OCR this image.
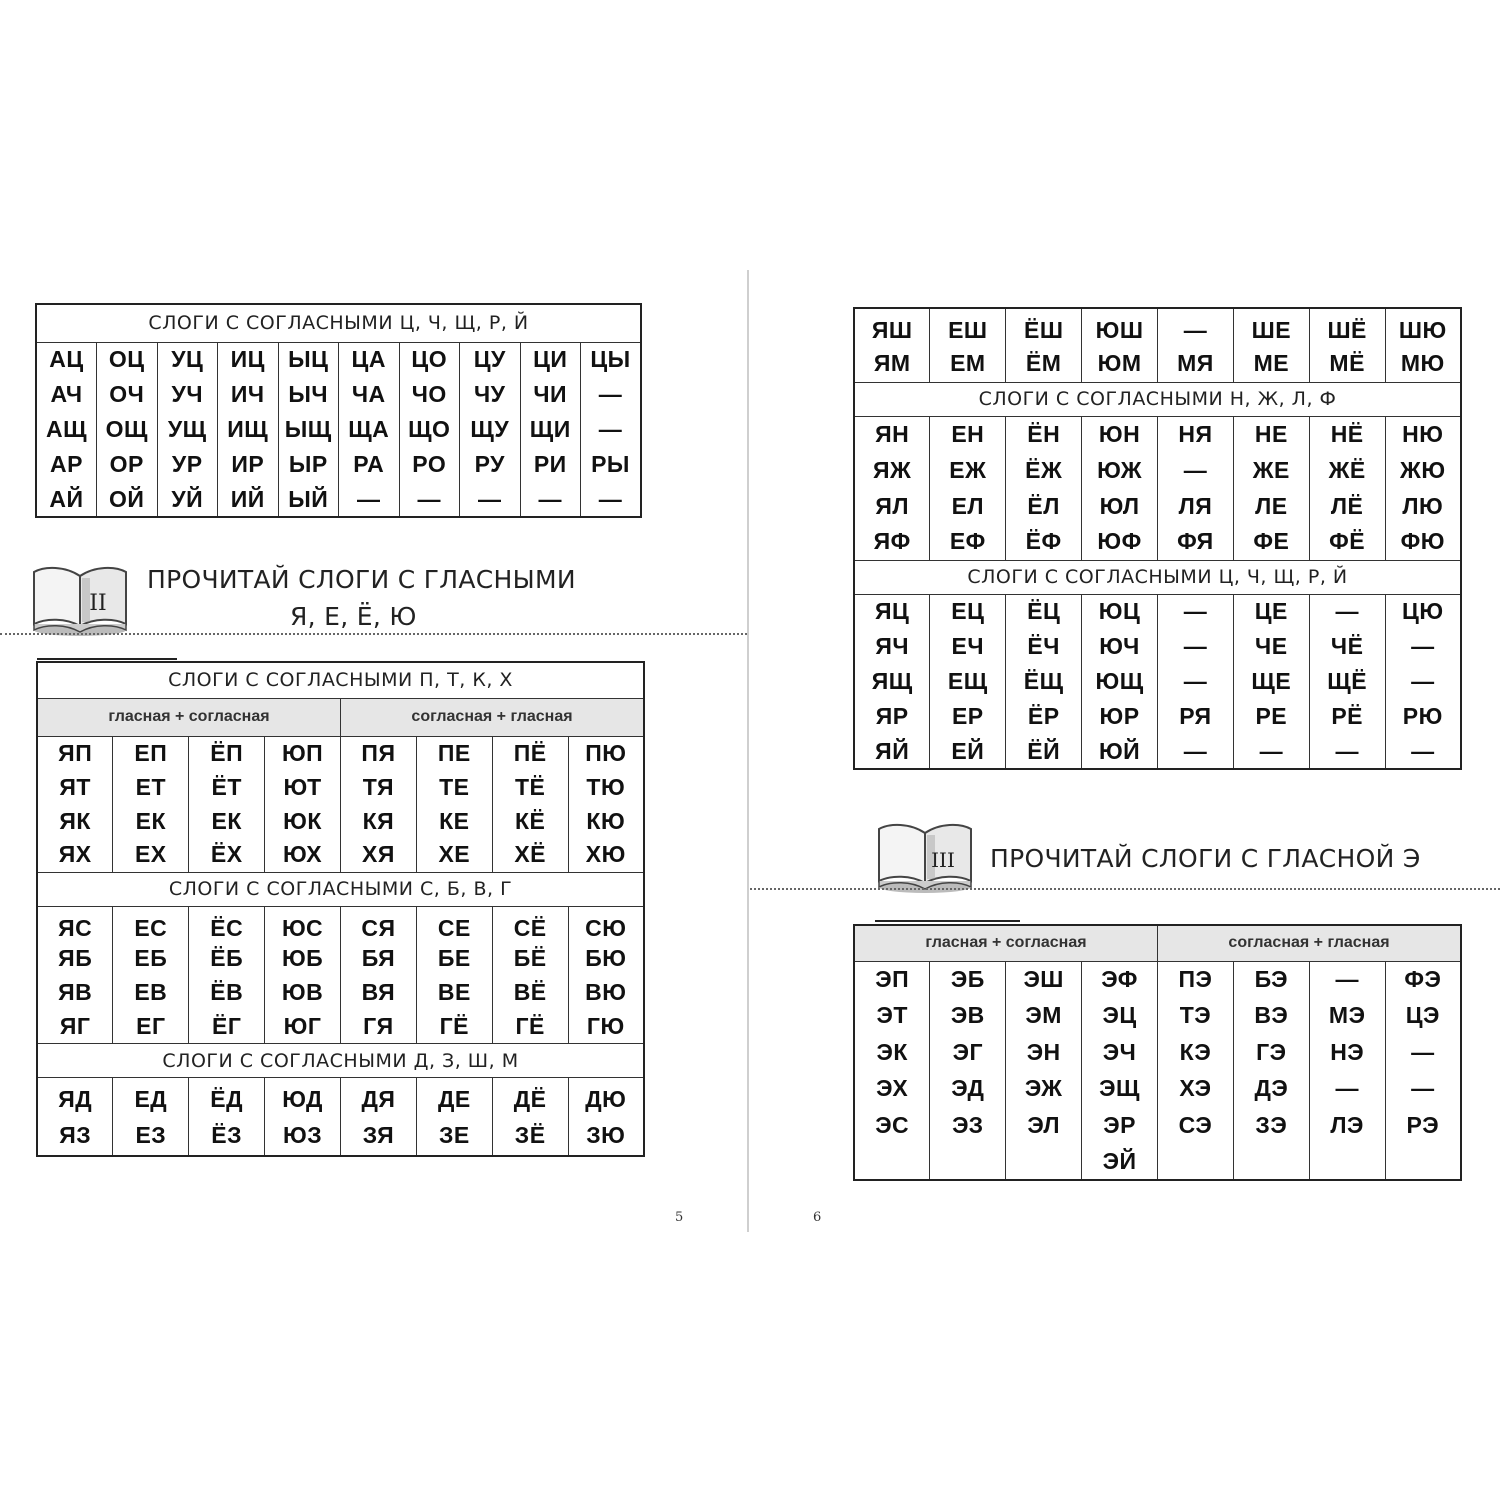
СЛОГИ С СОГЛАСНЫМИ Ц, Ч, Щ, Р, Й									
АЦ	ОЦ	УЦ	ИЦ	ЫЦ	ЦА	ЦО	ЦУ	ЦИ	ЦЫ
АЧ	ОЧ	УЧ	ИЧ	ЫЧ	ЧА	ЧО	ЧУ	ЧИ	—
АЩ	ОЩ	УЩ	ИЩ	ЫЩ	ЩА	ЩО	ЩУ	ЩИ	—
АР	ОР	УР	ИР	ЫР	РА	РО	РУ	РИ	РЫ
АЙ	ОЙ	УЙ	ИЙ	ЫЙ	—	—	—	—	—
II
ПРОЧИТАЙ СЛОГИ С ГЛАСНЫМИ
Я, Е, Ё, Ю
СЛОГИ С СОГЛАСНЫМИ П, Т, К, Х							
гласная + согласная				согласная + гласная			
ЯП	ЕП	ЁП	ЮП	ПЯ	ПЕ	ПЁ	ПЮ
ЯТ	ЕТ	ЁТ	ЮТ	ТЯ	ТЕ	ТЁ	ТЮ
ЯК	ЕК	ЕК	ЮК	КЯ	КЕ	КЁ	КЮ
ЯХ	ЕХ	ЁХ	ЮХ	ХЯ	ХЕ	ХЁ	ХЮ
СЛОГИ С СОГЛАСНЫМИ С, Б, В, Г							
ЯС	ЕС	ЁС	ЮС	СЯ	СЕ	СЁ	СЮ
ЯБ	ЕБ	ЁБ	ЮБ	БЯ	БЕ	БЁ	БЮ
ЯВ	ЕВ	ЁВ	ЮВ	ВЯ	ВЕ	ВЁ	ВЮ
ЯГ	ЕГ	ЁГ	ЮГ	ГЯ	ГЁ	ГЁ	ГЮ
СЛОГИ С СОГЛАСНЫМИ Д, З, Ш, М							
ЯД	ЕД	ЁД	ЮД	ДЯ	ДЕ	ДЁ	ДЮ
ЯЗ	ЕЗ	ЁЗ	ЮЗ	ЗЯ	ЗЕ	ЗЁ	ЗЮ
5
ЯШ	ЕШ	ЁШ	ЮШ	—	ШЕ	ШЁ	ШЮ
ЯМ	ЕМ	ЁМ	ЮМ	МЯ	МЕ	МЁ	МЮ
СЛОГИ С СОГЛАСНЫМИ Н, Ж, Л, Ф							
ЯН	ЕН	ЁН	ЮН	НЯ	НЕ	НЁ	НЮ
ЯЖ	ЕЖ	ЁЖ	ЮЖ	—	ЖЕ	ЖЁ	ЖЮ
ЯЛ	ЕЛ	ЁЛ	ЮЛ	ЛЯ	ЛЕ	ЛЁ	ЛЮ
ЯФ	ЕФ	ЁФ	ЮФ	ФЯ	ФЕ	ФЁ	ФЮ
СЛОГИ С СОГЛАСНЫМИ Ц, Ч, Щ, Р, Й							
ЯЦ	ЕЦ	ЁЦ	ЮЦ	—	ЦЕ	—	ЦЮ
ЯЧ	ЕЧ	ЁЧ	ЮЧ	—	ЧЕ	ЧЁ	—
ЯЩ	ЕЩ	ЁЩ	ЮЩ	—	ЩЕ	ЩЁ	—
ЯР	ЕР	ЁР	ЮР	РЯ	РЕ	РЁ	РЮ
ЯЙ	ЕЙ	ЁЙ	ЮЙ	—	—	—	—
III ПРОЧИТАЙ СЛОГИ С ГЛАСНОЙ Э
гласная + согласная				согласная + гласная			
ЭП	ЭБ	ЭШ	ЭФ	ПЭ	БЭ	—	ФЭ
ЭТ	ЭВ	ЭМ	ЭЦ	ТЭ	ВЭ	МЭ	ЦЭ
ЭК	ЭГ	ЭН	ЭЧ	КЭ	ГЭ	НЭ	—
ЭХ	ЭД	ЭЖ	ЭЩ	ХЭ	ДЭ	—	—
ЭС	ЭЗ	ЭЛ	ЭР	СЭ	ЗЭ	ЛЭ	РЭ
			ЭЙ				
6
